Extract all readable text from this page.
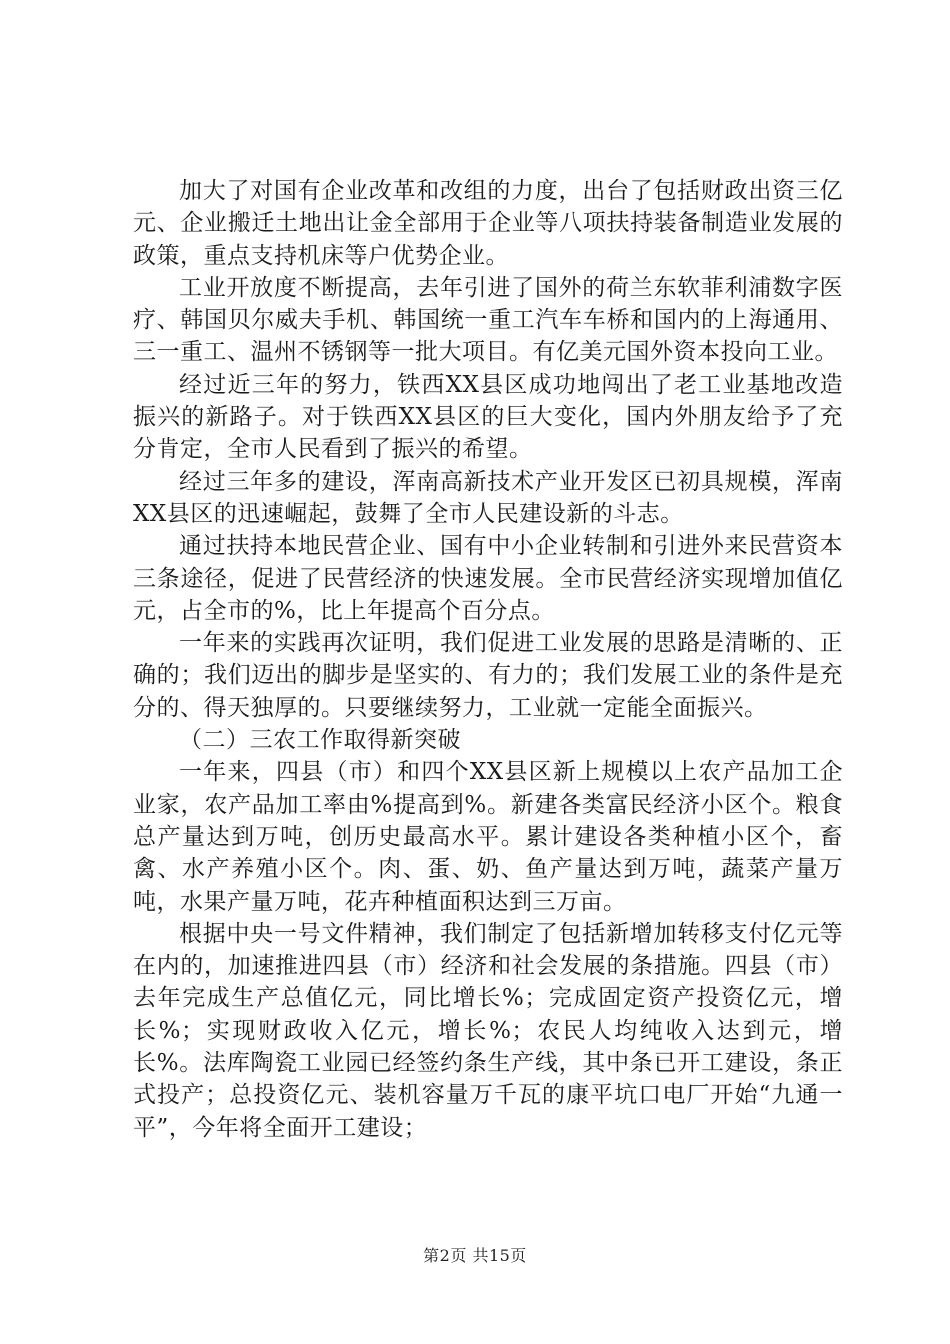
加大了对国有企业改革和改组的力度，出台了包括财政出资三亿元、企业搬迁土地出让金全部用于企业等八项扶持装备制造业发展的政策，重点支持机床等户优势企业。

工业开放度不断提高，去年引进了国外的荷兰东软菲利浦数字医疗、韩国贝尔威夫手机、韩国统一重工汽车车桥和国内的上海通用、三一重工、温州不锈钢等一批大项目。有亿美元国外资本投向工业。

经过近三年的努力，铁西XX县区成功地闯出了老工业基地改造振兴的新路子。对于铁西XX县区的巨大变化，国内外朋友给予了充分肯定，全市人民看到了振兴的希望。

经过三年多的建设，浑南高新技术产业开发区已初具规模，浑南XX县区的迅速崛起，鼓舞了全市人民建设新的斗志。

通过扶持本地民营企业、国有中小企业转制和引进外来民营资本三条途径，促进了民营经济的快速发展。全市民营经济实现增加值亿元，占全市的%，比上年提高个百分点。

一年来的实践再次证明，我们促进工业发展的思路是清晰的、正确的；我们迈出的脚步是坚实的、有力的；我们发展工业的条件是充分的、得天独厚的。只要继续努力，工业就一定能全面振兴。

（二）三农工作取得新突破

一年来，四县（市）和四个XX县区新上规模以上农产品加工企业家，农产品加工率由%提高到%。新建各类富民经济小区个。粮食总产量达到万吨，创历史最高水平。累计建设各类种植小区个，畜禽、水产养殖小区个。肉、蛋、奶、鱼产量达到万吨，蔬菜产量万吨，水果产量万吨，花卉种植面积达到三万亩。

根据中央一号文件精神，我们制定了包括新增加转移支付亿元等在内的，加速推进四县（市）经济和社会发展的条措施。四县（市）去年完成生产总值亿元，同比增长%；完成固定资产投资亿元，增长%；实现财政收入亿元，增长%；农民人均纯收入达到元，增长%。法库陶瓷工业园已经签约条生产线，其中条已开工建设，条正式投产；总投资亿元、装机容量万千瓦的康平坑口电厂开始“九通一平”，今年将全面开工建设；

第2页 共15页
